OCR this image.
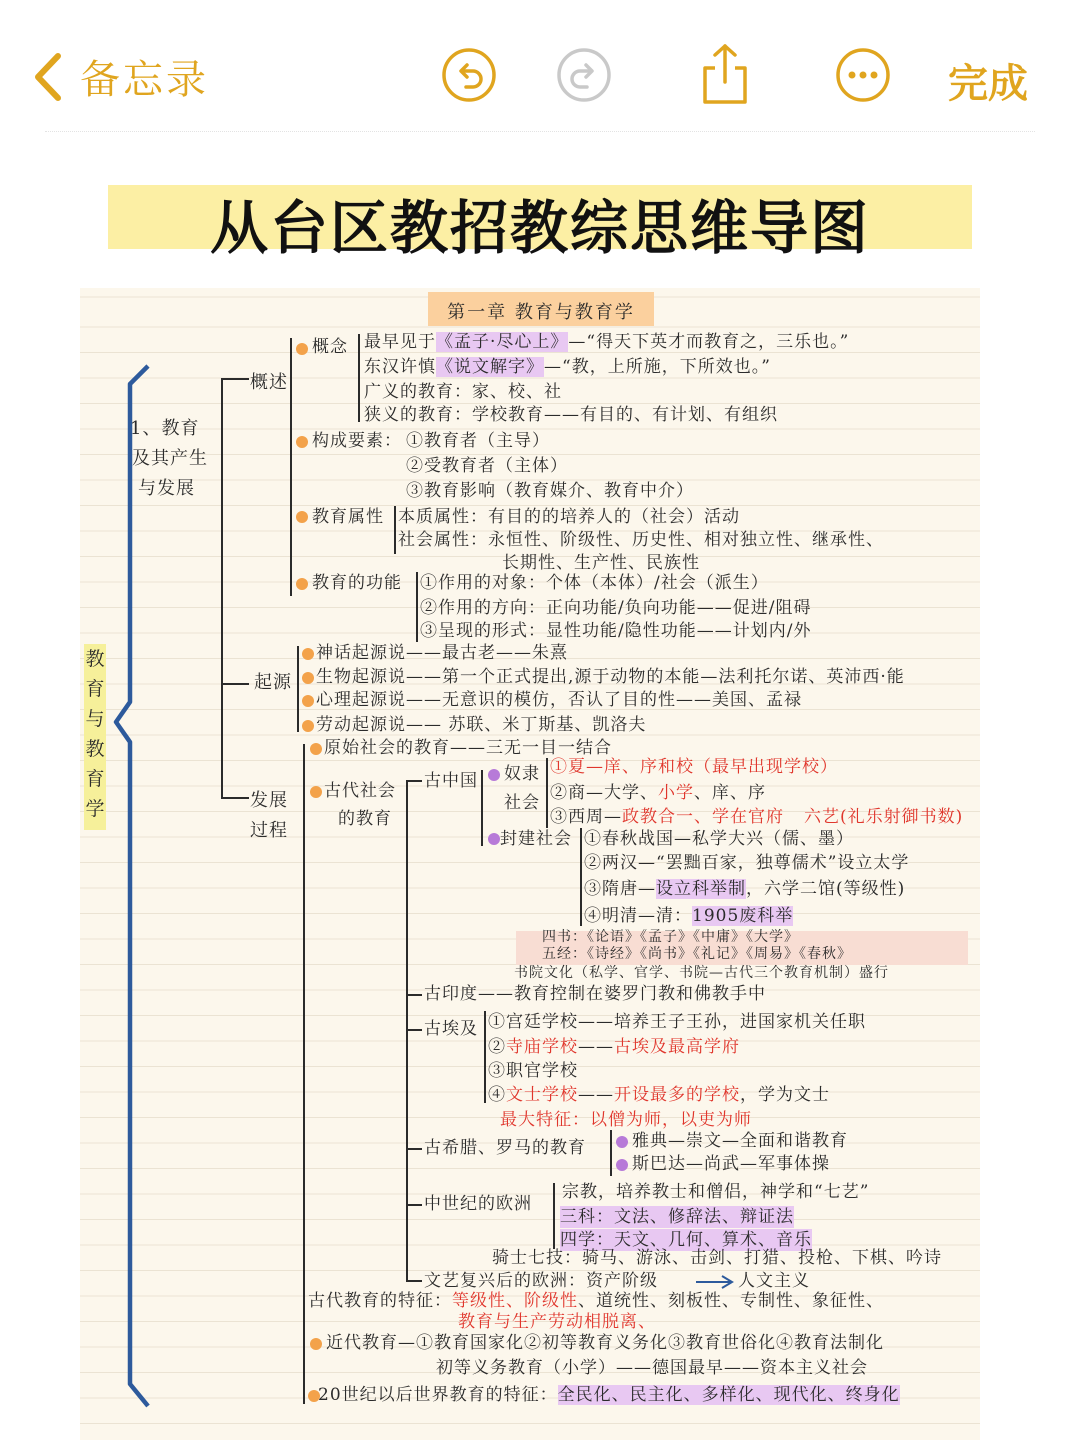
备忘录	完成
从台区教招教综思维导图
第一章 教育与教育学
教
育
与
教
育
学
1、教育
及其产生
与发展
概述
起源
发展
过程
概念 最早见于《孟子·尽心上》—“得天下英才而教育之，三乐也。”
东汉许慎《说文解字》—“教，上所施，下所效也。”
广义的教育：家、校、社
狭义的教育：学校教育——有目的、有计划、有组织
构成要素： ①教育者（主导）
②受教育者（主体）
③教育影响（教育媒介、教育中介）
教育属性 本质属性：有目的的培养人的（社会）活动
社会属性：永恒性、阶级性、历史性、相对独立性、继承性、
长期性、生产性、民族性
教育的功能 ①作用的对象：个体（本体）/社会（派生）
②作用的方向：正向功能/负向功能——促进/阻碍
③呈现的形式：显性功能/隐性功能——计划内/外
神话起源说——最古老——朱熹
生物起源说——第一个正式提出,源于动物的本能—法利托尔诺、英沛西·能
心理起源说——无意识的模仿，否认了目的性——美国、孟禄
劳动起源说—— 苏联、米丁斯基、凯洛夫
原始社会的教育——三无一目一结合
古代社会
的教育
古中国 奴隶
社会
①夏—庠、序和校（最早出现学校）
②商—大学、小学、庠、序
③西周—政教合一、学在官府 六艺(礼乐射御书数)
封建社会 ①春秋战国—私学大兴（儒、墨）
②两汉—“罢黜百家，独尊儒术”设立太学
③隋唐—设立科举制，六学二馆(等级性)
④明清—清：1905废科举
四书：《论语》《孟子》《中庸》《大学》
五经：《诗经》《尚书》《礼记》《周易》《春秋》
书院文化（私学、官学、书院—古代三个教育机制）盛行
古印度——教育控制在婆罗门教和佛教手中
古埃及 ①宫廷学校——培养王子王孙，进国家机关任职
②寺庙学校——古埃及最高学府
③职官学校
④文士学校——开设最多的学校，学为文士
最大特征：以僧为师，以吏为师
古希腊、罗马的教育	雅典—崇文—全面和谐教育
斯巴达—尚武—军事体操
中世纪的欧洲
宗教，培养教士和僧侣，神学和“七艺”
三科：文法、修辞法、辩证法
四学：天文、几何、算术、音乐
骑士七技：骑马、游泳、击剑、打猎、投枪、下棋、吟诗
文艺复兴后的欧洲：资产阶级	人文主义
古代教育的特征：等级性、阶级性、道统性、刻板性、专制性、象征性、
教育与生产劳动相脱离、
近代教育—①教育国家化②初等教育义务化③教育世俗化④教育法制化
初等义务教育（小学）——德国最早——资本主义社会
20世纪以后世界教育的特征：全民化、民主化、多样化、现代化、终身化
